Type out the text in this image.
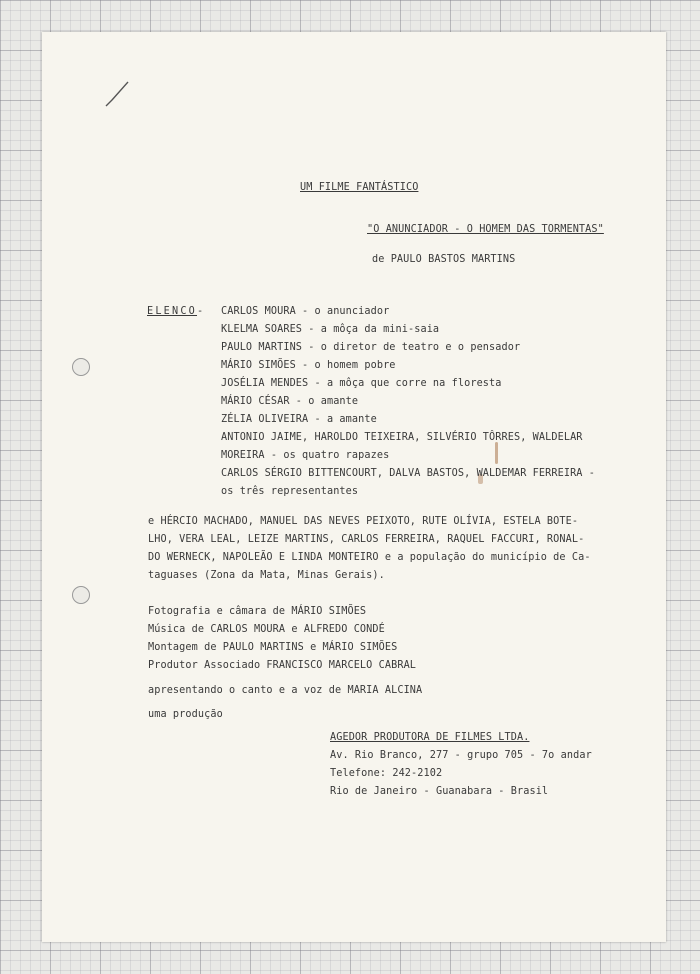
UM FILME FANTÁSTICO
"O ANUNCIADOR - O HOMEM DAS TORMENTAS"
de PAULO BASTOS MARTINS
ELENCO- CARLOS MOURA - o anunciador
KLELMA SOARES - a môça da mini-saia
PAULO MARTINS - o diretor de teatro e o pensador
MÁRIO SIMÕES - o homem pobre
JOSÉLIA MENDES - a môça que corre na floresta
MÁRIO CÉSAR - o amante
ZÉLIA OLIVEIRA - a amante
ANTONIO JAIME, HAROLDO TEIXEIRA, SILVÉRIO TÔRRES, WALDELAR
MOREIRA - os quatro rapazes
CARLOS SÉRGIO BITTENCOURT, DALVA BASTOS, WALDEMAR FERREIRA -
os três representantes
e HÉRCIO MACHADO, MANUEL DAS NEVES PEIXOTO, RUTE OLÍVIA, ESTELA BOTE-
LHO, VERA LEAL, LEIZE MARTINS, CARLOS FERREIRA, RAQUEL FACCURI, RONAL-
DO WERNECK, NAPOLEÃO E LINDA MONTEIRO e a população do município de Ca-
taguases (Zona da Mata, Minas Gerais).
Fotografia e câmara de MÁRIO SIMÕES
Música de CARLOS MOURA e ALFREDO CONDÉ
Montagem de PAULO MARTINS e MÁRIO SIMÕES
Produtor Associado FRANCISCO MARCELO CABRAL
apresentando o canto e a voz de MARIA ALCINA
uma produção
AGEDOR PRODUTORA DE FILMES LTDA.
Av. Rio Branco, 277 - grupo 705 - 7o andar
Telefone: 242-2102
Rio de Janeiro - Guanabara - Brasil
